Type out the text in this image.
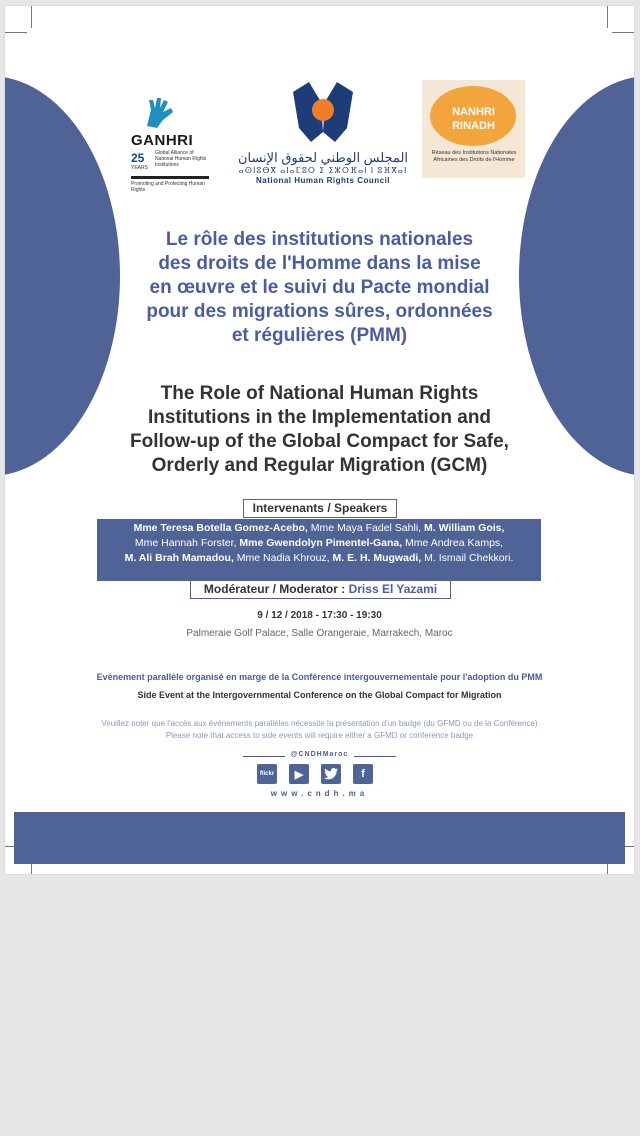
GANHRI
25 Global Alliance of National Human Rights Institutions
YEARS
Promoting and Protecting Human Rights
المجلس الوطني لحقوق الإنسان
ⴰⵙⵏⵓⴱⴳ ⴰⵏⴰⵎⵓⵔ ⵉ ⵉⵣⵔⴼⴰⵏ ⵏ ⵓⴼⴳⴰⵏ
National Human Rights Council
NANHRI
RINADH
Réseau des Institutions Nationales Africaines des Droits de l'Homme
Le rôle des institutions nationales
des droits de l'Homme dans la mise
en œuvre et le suivi du Pacte mondial
pour des migrations sûres, ordonnées
et régulières (PMM)
The Role of National Human Rights
Institutions in the Implementation and
Follow-up of the Global Compact for Safe,
Orderly and Regular Migration (GCM)
Intervenants / Speakers
Mme Teresa Botella Gomez-Acebo, Mme Maya Fadel Sahli, M. William Gois,
Mme Hannah Forster, Mme Gwendolyn Pimentel-Gana, Mme Andrea Kamps,
M. Ali Brah Mamadou, Mme Nadia Khrouz, M. E. H. Mugwadi, M. Ismail Chekkori.
Modérateur / Moderator : Driss El Yazami
9 / 12 / 2018 - 17:30 - 19:30
Palmeraie Golf Palace, Salle Orangeraie, Marrakech, Maroc
Evénement parallèle organisé en marge de la Conférence intergouvernementale pour l'adoption du PMM
Side Event at the Intergovernmental Conference on the Global Compact for Migration
Veuillez noter que l'accès aux événements parallèles nécessite la présentation d'un badge (du GFMD ou de la Conférence)
Please note that access to side events will require either a GFMD or conference badge
@CNDHMaroc
flickr	▶	f
www.cndh.ma
